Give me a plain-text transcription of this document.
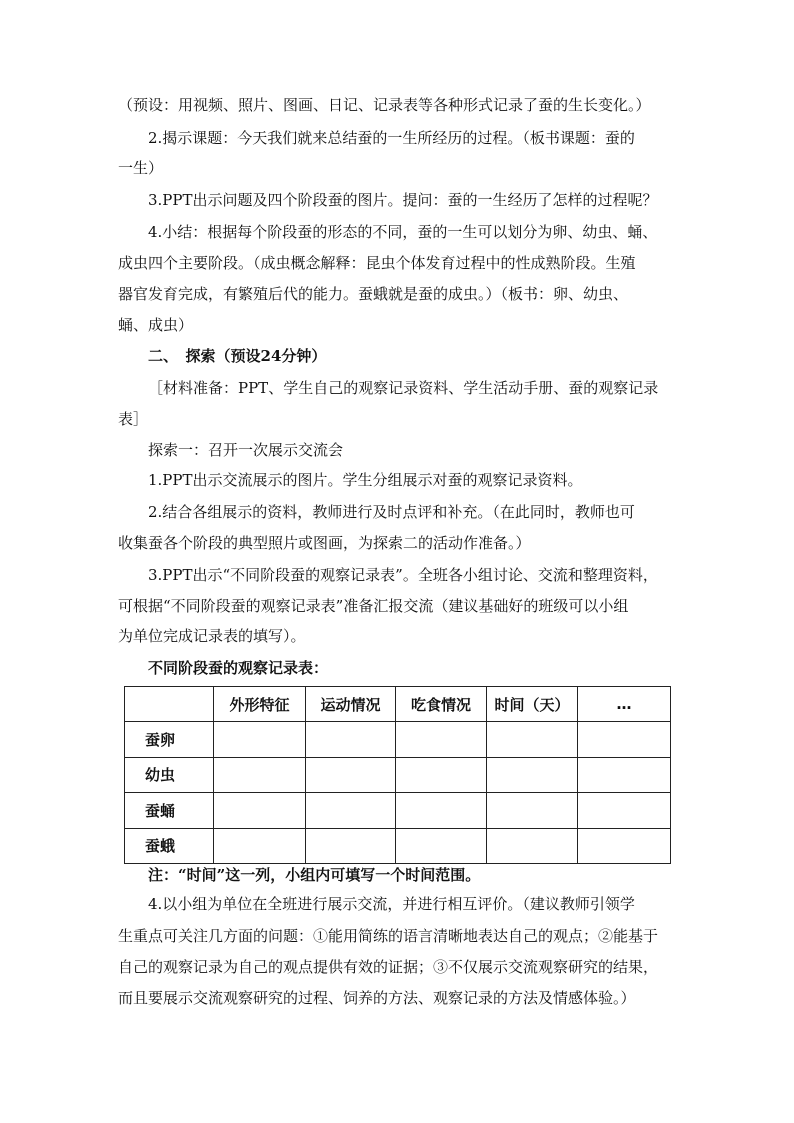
（预设：用视频、照片、图画、日记、记录表等各种形式记录了蚕的生长变化。）
2.揭示课题：今天我们就来总结蚕的一生所经历的过程。（板书课题：蚕的
一生）
3.PPT出示问题及四个阶段蚕的图片。提问：蚕的一生经历了怎样的过程呢？
4.小结：根据每个阶段蚕的形态的不同，蚕的一生可以划分为卵、幼虫、蛹、
成虫四个主要阶段。（成虫概念解释：昆虫个体发育过程中的性成熟阶段。生殖
器官发育完成，有繁殖后代的能力。蚕蛾就是蚕的成虫。）（板书：卵、幼虫、
蛹、成虫）
二、　探索（预设24分钟）
［材料准备：PPT、学生自己的观察记录资料、学生活动手册、蚕的观察记录
表］
探索一：召开一次展示交流会
1.PPT出示交流展示的图片。学生分组展示对蚕的观察记录资料。
2.结合各组展示的资料，教师进行及时点评和补充。（在此同时，教师也可
收集蚕各个阶段的典型照片或图画，为探索二的活动作准备。）
3.PPT出示“不同阶段蚕的观察记录表”。全班各小组讨论、交流和整理资料，
可根据“不同阶段蚕的观察记录表”准备汇报交流（建议基础好的班级可以小组
为单位完成记录表的填写）。
不同阶段蚕的观察记录表：
	外形特征	运动情况	吃食情况	时间（天）	…
蚕卵					
幼虫					
蚕蛹					
蚕蛾					
注：“时间”这一列，小组内可填写一个时间范围。
4.以小组为单位在全班进行展示交流，并进行相互评价。（建议教师引领学
生重点可关注几方面的问题：①能用简练的语言清晰地表达自己的观点；②能基于
自己的观察记录为自己的观点提供有效的证据；③不仅展示交流观察研究的结果，
而且要展示交流观察研究的过程、饲养的方法、观察记录的方法及情感体验。）
